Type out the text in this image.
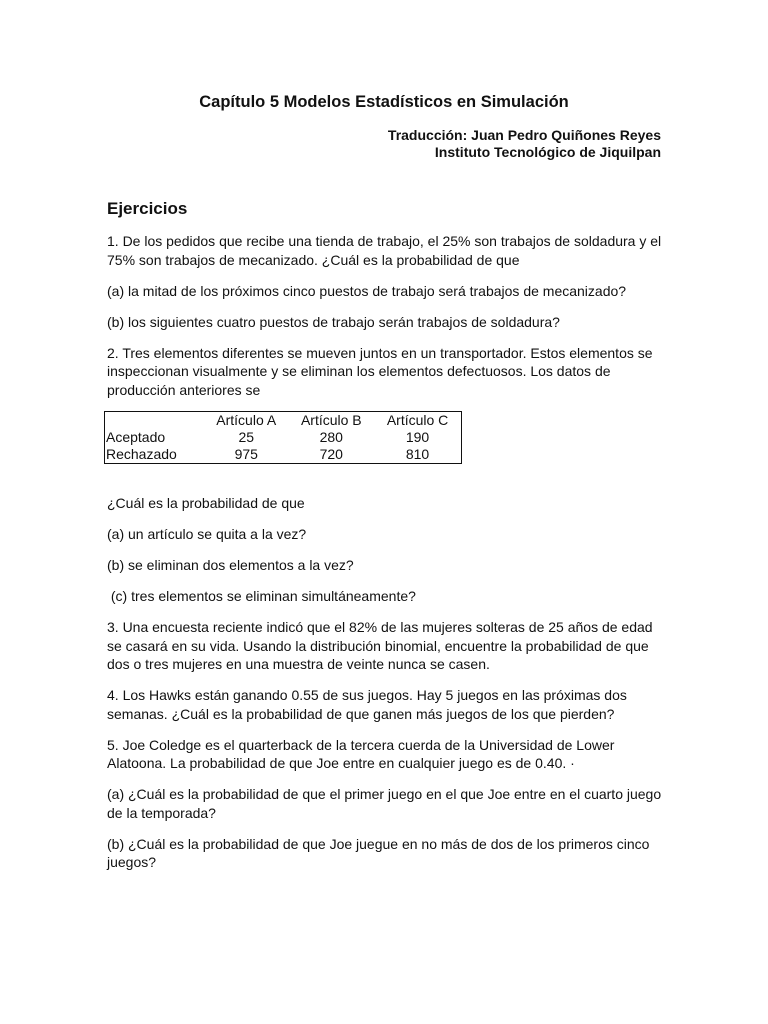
Capítulo 5 Modelos Estadísticos en Simulación
Traducción: Juan Pedro Quiñones Reyes
Instituto Tecnológico de Jiquilpan
Ejercicios

1. De los pedidos que recibe una tienda de trabajo, el 25% son trabajos de soldadura y el 75% son trabajos de mecanizado. ¿Cuál es la probabilidad de que

(a) la mitad de los próximos cinco puestos de trabajo será trabajos de mecanizado?

(b) los siguientes cuatro puestos de trabajo serán trabajos de soldadura?

2. Tres elementos diferentes se mueven juntos en un transportador. Estos elementos se inspeccionan visualmente y se eliminan los elementos defectuosos. Los datos de producción anteriores se

	Artículo A	Artículo B	Artículo C
Aceptado	25	280	190
Rechazado	975	720	810

¿Cuál es la probabilidad de que

(a) un artículo se quita a la vez?

(b) se eliminan dos elementos a la vez?

(c) tres elementos se eliminan simultáneamente?

3. Una encuesta reciente indicó que el 82% de las mujeres solteras de 25 años de edad se casará en su vida. Usando la distribución binomial, encuentre la probabilidad de que dos o tres mujeres en una muestra de veinte nunca se casen.

4. Los Hawks están ganando 0.55 de sus juegos. Hay 5 juegos en las próximas dos semanas. ¿Cuál es la probabilidad de que ganen más juegos de los que pierden?

5. Joe Coledge es el quarterback de la tercera cuerda de la Universidad de Lower Alatoona. La probabilidad de que Joe entre en cualquier juego es de 0.40. ·

(a) ¿Cuál es la probabilidad de que el primer juego en el que Joe entre en el cuarto juego de la temporada?

(b) ¿Cuál es la probabilidad de que Joe juegue en no más de dos de los primeros cinco juegos?
